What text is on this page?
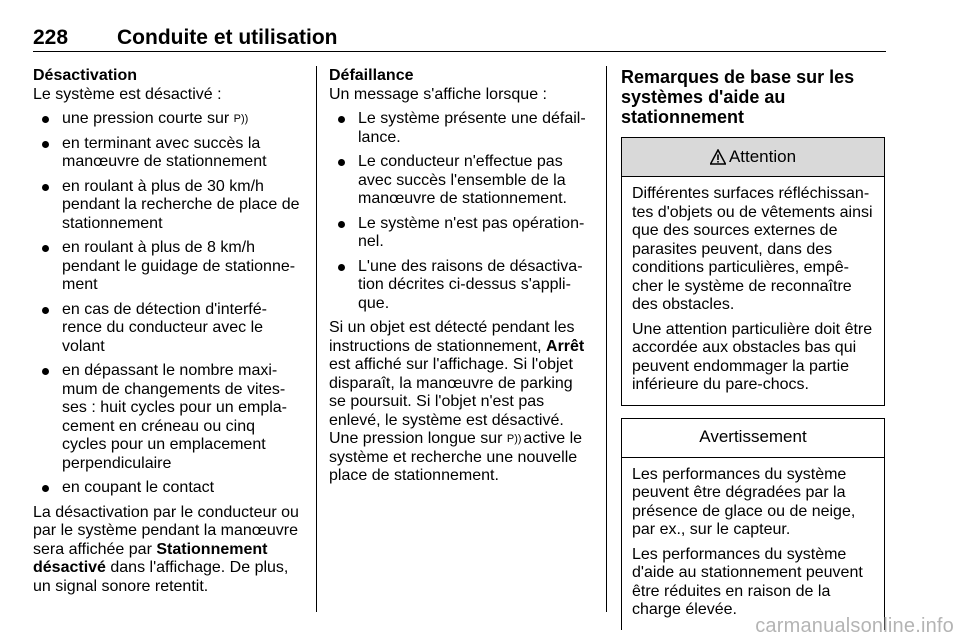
228 Conduite et utilisation
Désactivation

Le système est désactivé :

une pression courte sur P))
en terminant avec succès la manœuvre de stationnement
en roulant à plus de 30 km/h pendant la recherche de place de stationnement
en roulant à plus de 8 km/h pendant le guidage de stationne-ment
en cas de détection d'interfé-rence du conducteur avec le volant
en dépassant le nombre maxi-mum de changements de vites-ses : huit cycles pour un empla-cement en créneau ou cinq cycles pour un emplacement perpendiculaire
en coupant le contact

La désactivation par le conducteur ou par le système pendant la manœuvre sera affichée par Stationnement désactivé dans l'affichage. De plus, un signal sonore retentit.

Défaillance

Un message s'affiche lorsque :

Le système présente une défail-lance.
Le conducteur n'effectue pas avec succès l'ensemble de la manœuvre de stationnement.
Le système n'est pas opération-nel.
L'une des raisons de désactiva-tion décrites ci-dessus s'appli-que.

Si un objet est détecté pendant les instructions de stationnement, Arrêt est affiché sur l'affichage. Si l'objet disparaît, la manœuvre de parking se poursuit. Si l'objet n'est pas enlevé, le système est désactivé. Une pression longue sur P)) active le système et recherche une nouvelle place de stationnement.

Remarques de base sur les systèmes d'aide au stationnement
Attention

Différentes surfaces réfléchissan-tes d'objets ou de vêtements ainsi que des sources externes de parasites peuvent, dans des conditions particulières, empê-cher le système de reconnaître des obstacles.

Une attention particulière doit être accordée aux obstacles bas qui peuvent endommager la partie inférieure du pare-chocs.

Avertissement

Les performances du système peuvent être dégradées par la présence de glace ou de neige, par ex., sur le capteur.

Les performances du système d'aide au stationnement peuvent être réduites en raison de la charge élevée.

carmanualsonline.info
